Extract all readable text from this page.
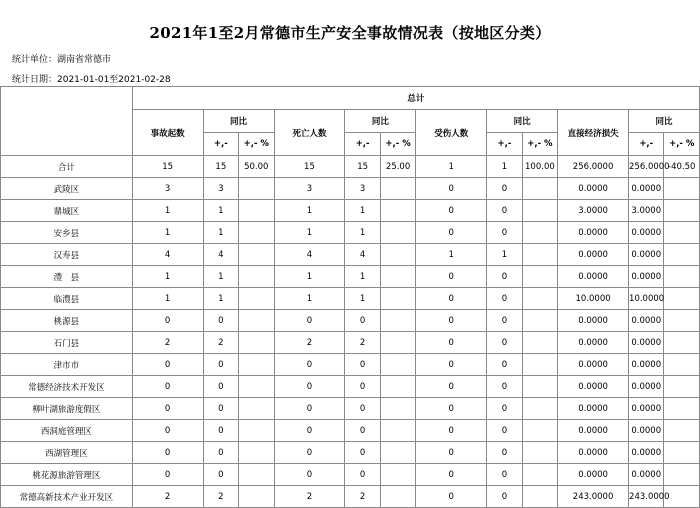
2021年1至2月常德市生产安全事故情况表（按地区分类）
统计单位：湖南省常德市
统计日期：2021-01-01至2021-02-28
	总计											
	事故起数	同比		死亡人数	同比		受伤人数	同比		直接经济损失	同比	
		+,-	+,- %		+,-	+,- %		+,-	+,- %		+,-	+,- %
合计	15	15	50.00	15	15	25.00	1	1	100.00	256.0000	256.0000	-40.50
武陵区	3	3		3	3		0	0		0.0000	0.0000	
鼎城区	1	1		1	1		0	0		3.0000	3.0000	
安乡县	1	1		1	1		0	0		0.0000	0.0000	
汉寿县	4	4		4	4		1	1		0.0000	0.0000	
澧　县	1	1		1	1		0	0		0.0000	0.0000	
临澧县	1	1		1	1		0	0		10.0000	10.0000	
桃源县	0	0		0	0		0	0		0.0000	0.0000	
石门县	2	2		2	2		0	0		0.0000	0.0000	
津市市	0	0		0	0		0	0		0.0000	0.0000	
常德经济技术开发区	0	0		0	0		0	0		0.0000	0.0000	
柳叶湖旅游度假区	0	0		0	0		0	0		0.0000	0.0000	
西洞庭管理区	0	0		0	0		0	0		0.0000	0.0000	
西湖管理区	0	0		0	0		0	0		0.0000	0.0000	
桃花源旅游管理区	0	0		0	0		0	0		0.0000	0.0000	
常德高新技术产业开发区	2	2		2	2		0	0		243.0000	243.0000	
